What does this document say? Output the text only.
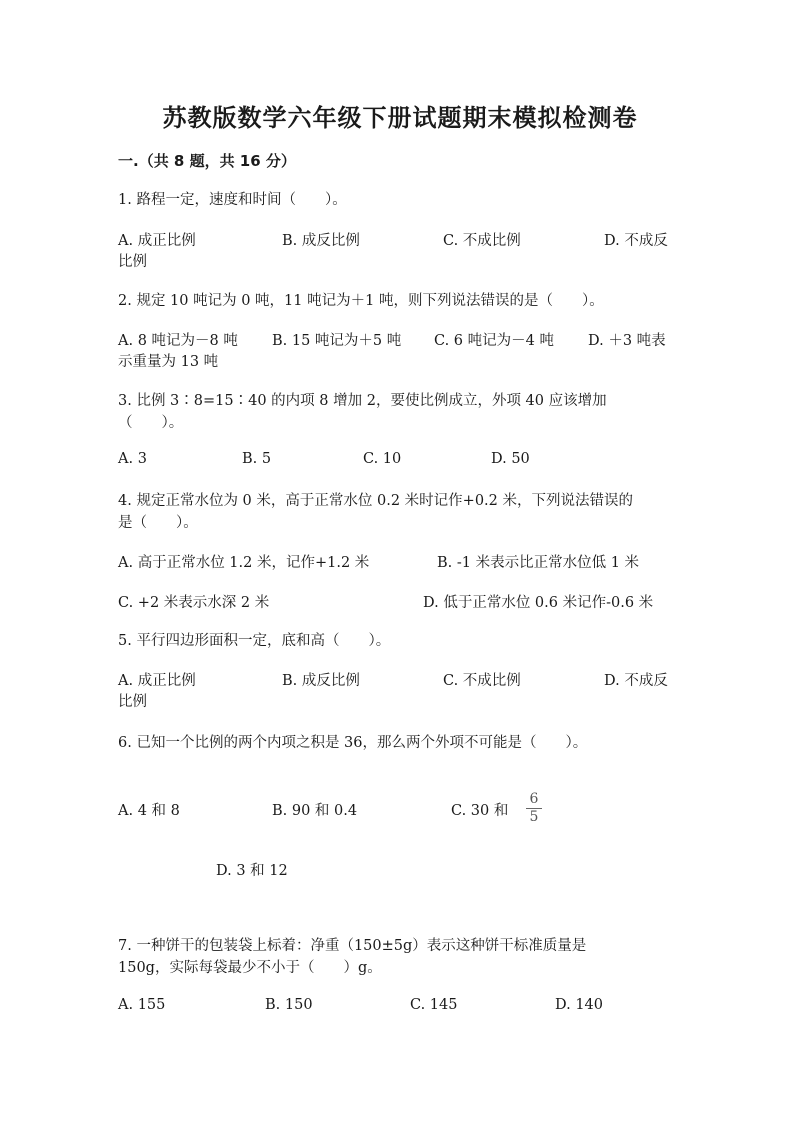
苏教版数学六年级下册试题期末模拟检测卷
一.（共 8 题，共 16 分）
1. 路程一定，速度和时间（　　）。
A. 成正比例	B. 成反比例	C. 不成比例	D. 不成反
比例
2. 规定 10 吨记为 0 吨，11 吨记为＋1 吨，则下列说法错误的是（　　）。
A. 8 吨记为－8 吨 B. 15 吨记为＋5 吨 C. 6 吨记为－4 吨 D. ＋3 吨表
示重量为 13 吨
3. 比例 3∶8=15∶40 的内项 8 增加 2，要使比例成立，外项 40 应该增加
（　　）。
A. 3	B. 5	C. 10	D. 50
4. 规定正常水位为 0 米，高于正常水位 0.2 米时记作+0.2 米，下列说法错误的
是（　　）。
A. 高于正常水位 1.2 米，记作+1.2 米	B. -1 米表示比正常水位低 1 米
C. +2 米表示水深 2 米	D. 低于正常水位 0.6 米记作-0.6 米
5. 平行四边形面积一定，底和高（　　）。
A. 成正比例	B. 成反比例	C. 不成比例	D. 不成反
比例
6. 已知一个比例的两个内项之积是 36，那么两个外项不可能是（　　）。
A. 4 和 8	B. 90 和 0.4	C. 30 和
6
5
D. 3 和 12
7. 一种饼干的包装袋上标着：净重（150±5g）表示这种饼干标准质量是
150g，实际每袋最少不小于（　　）g。
A. 155	B. 150	C. 145	D. 140
